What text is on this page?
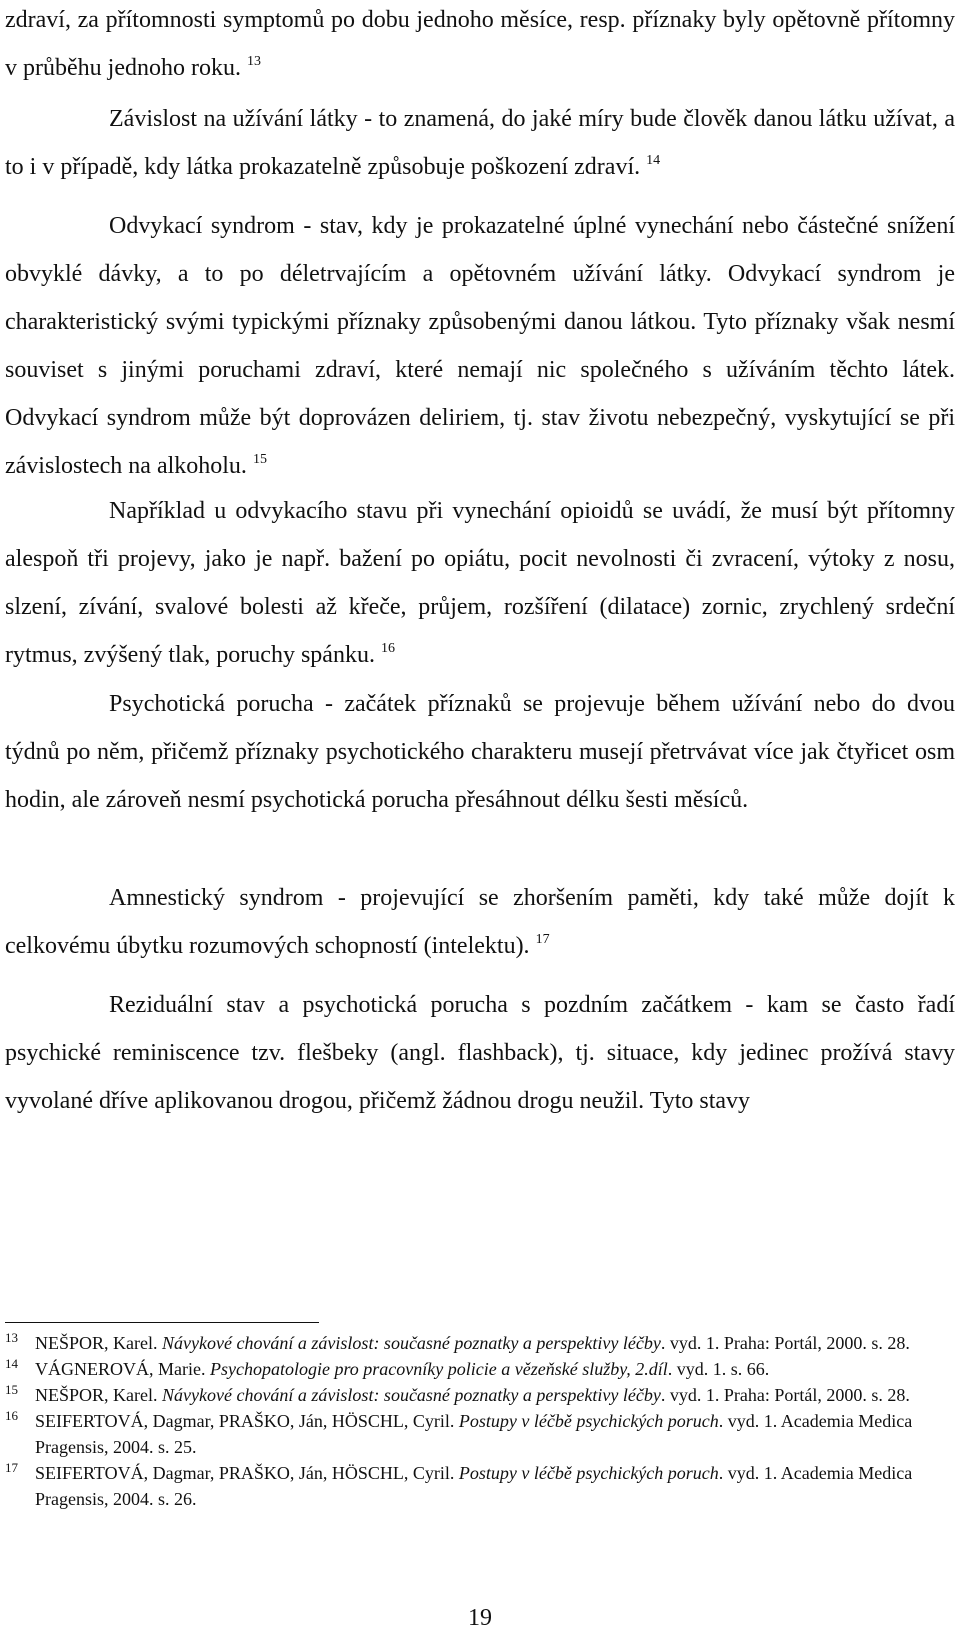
zdraví, za přítomnosti symptomů po dobu jednoho měsíce, resp. příznaky byly opětovně přítomny v průběhu jednoho roku. $^{13}$

Závislost na užívání látky - to znamená, do jaké míry bude člověk danou látku užívat, a to i v případě, kdy látka prokazatelně způsobuje poškození zdraví. $^{14}$

Odvykací syndrom - stav, kdy je prokazatelné úplné vynechání nebo částečné snížení obvyklé dávky, a to po déletrvajícím a opětovném užívání látky. Odvykací syndrom je charakteristický svými typickými příznaky způsobenými danou látkou. Tyto příznaky však nesmí souviset s jinými poruchami zdraví, které nemají nic společného s užíváním těchto látek. Odvykací syndrom může být doprovázen deliriem, tj. stav životu nebezpečný, vyskytující se při závislostech na alkoholu. $^{15}$

Například u odvykacího stavu při vynechání opioidů se uvádí, že musí být přítomny alespoň tři projevy, jako je např. bažení po opiátu, pocit nevolnosti či zvracení, výtoky z nosu, slzení, zívání, svalové bolesti až křeče, průjem, rozšíření (dilatace) zornic, zrychlený srdeční rytmus, zvýšený tlak, poruchy spánku. $^{16}$

Psychotická porucha - začátek příznaků se projevuje během užívání nebo do dvou týdnů po něm, přičemž příznaky psychotického charakteru musejí přetrvávat více jak čtyřicet osm hodin, ale zároveň nesmí psychotická porucha přesáhnout délku šesti měsíců.

Amnestický syndrom - projevující se zhoršením paměti, kdy také může dojít k celkovému úbytku rozumových schopností (intelektu). $^{17}$

Reziduální stav a psychotická porucha s pozdním začátkem - kam se často řadí psychické reminiscence tzv. flešbeky (angl. flashback), tj. situace, kdy jedinec prožívá stavy vyvolané dříve aplikovanou drogou, přičemž žádnou drogu neužil. Tyto stavy

13 NEŠPOR, Karel. Návykové chování a závislost: současné poznatky a perspektivy léčby. vyd. 1. Praha: Portál, 2000. s. 28.

14 VÁGNEROVÁ, Marie. Psychopatologie pro pracovníky policie a vězeňské služby, 2.díl. vyd. 1. s. 66.

15 NEŠPOR, Karel. Návykové chování a závislost: současné poznatky a perspektivy léčby. vyd. 1. Praha: Portál, 2000. s. 28.

16 SEIFERTOVÁ, Dagmar, PRAŠKO, Ján, HÖSCHL, Cyril. Postupy v léčbě psychických poruch. vyd. 1. Academia Medica Pragensis, 2004. s. 25.

17 SEIFERTOVÁ, Dagmar, PRAŠKO, Ján, HÖSCHL, Cyril. Postupy v léčbě psychických poruch. vyd. 1. Academia Medica Pragensis, 2004. s. 26.

19
